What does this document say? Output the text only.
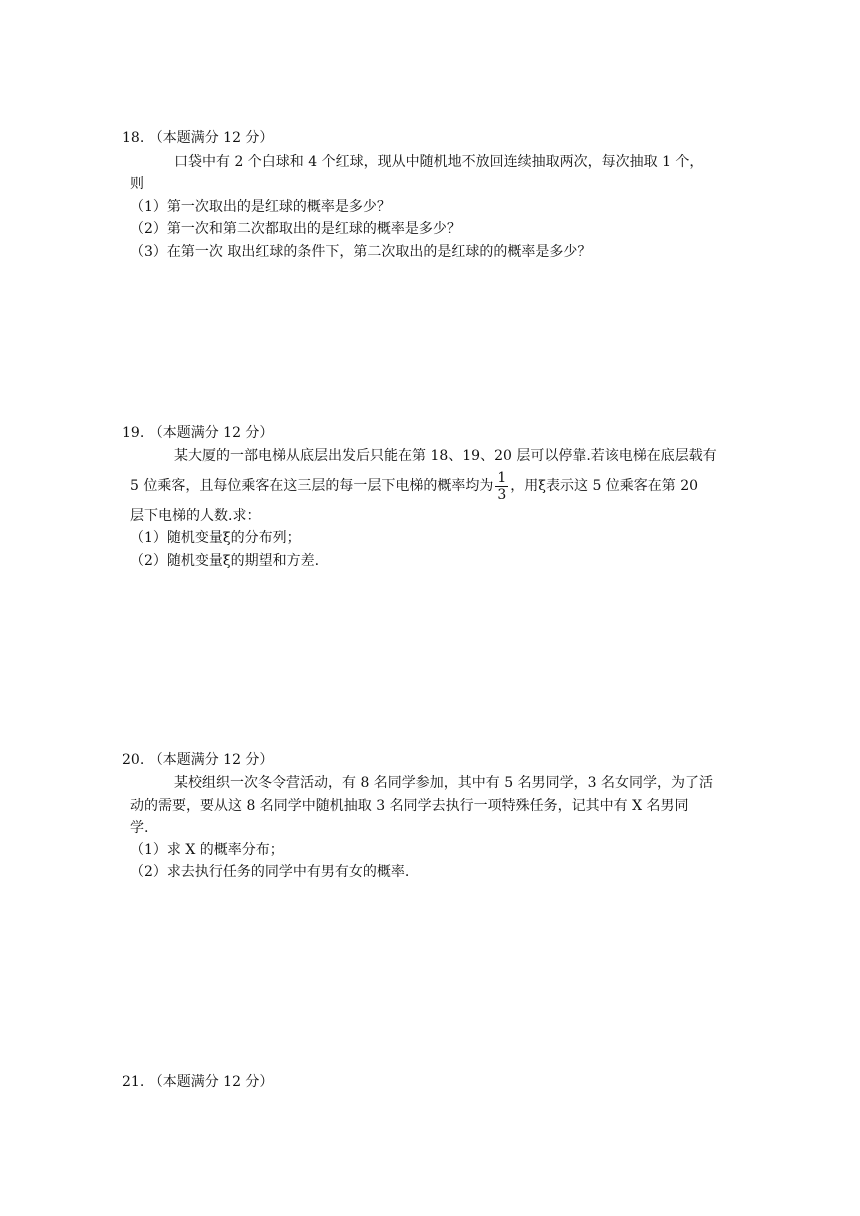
18. （本题满分 12 分）
口袋中有 2 个白球和 4 个红球，现从中随机地不放回连续抽取两次，每次抽取 1 个，
则
（1）第一次取出的是红球的概率是多少？
（2）第一次和第二次都取出的是红球的概率是多少？
（3）在第一次 取出红球的条件下，第二次取出的是红球的的概率是多少？
19. （本题满分 12 分）
某大厦的一部电梯从底层出发后只能在第 18、19、20 层可以停靠.若该电梯在底层载有
5 位乘客，且每位乘客在这三层的每一层下电梯的概率均为 $\frac{1}{3}$ ，用ξ表示这 5 位乘客在第 20
层下电梯的人数.求：
（1）随机变量ξ的分布列；
（2）随机变量ξ的期望和方差.
20. （本题满分 12 分）
某校组织一次冬令营活动，有 8 名同学参加，其中有 5 名男同学，3 名女同学，为了活
动的需要，要从这 8 名同学中随机抽取 3 名同学去执行一项特殊任务，记其中有 X 名男同
学.
（1）求 X 的概率分布；
（2）求去执行任务的同学中有男有女的概率.
21. （本题满分 12 分）
